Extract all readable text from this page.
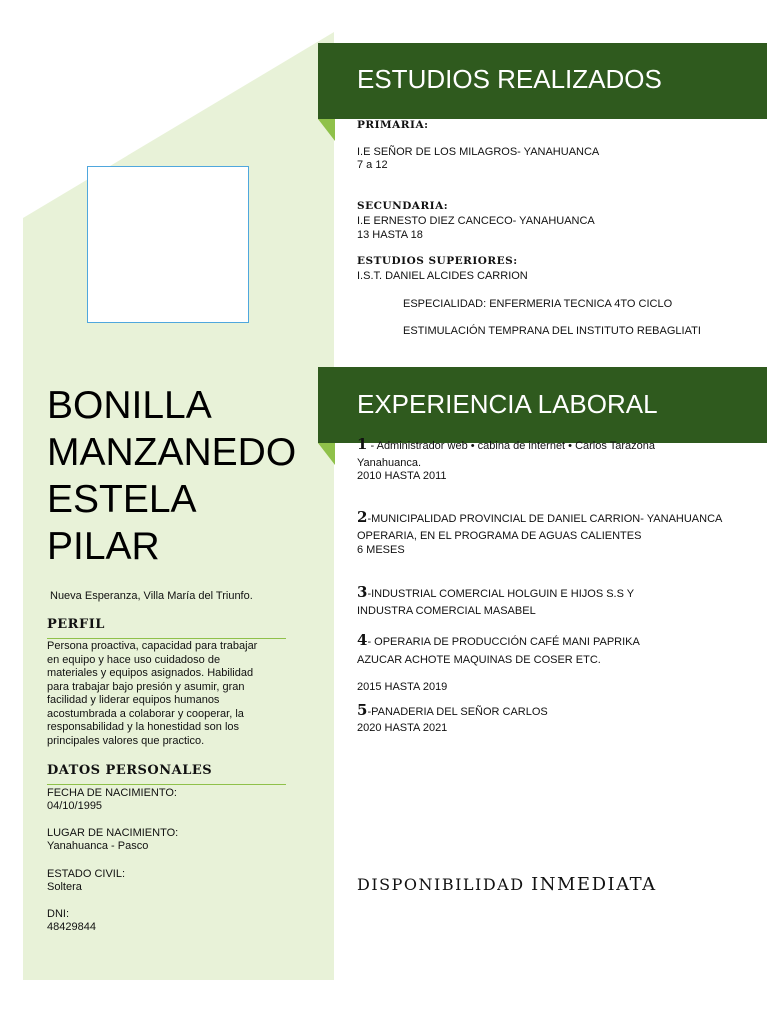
BONILLA
MANZANEDO
ESTELA
PILAR
Nueva Esperanza, Villa María del Triunfo.
PERFIL
Persona proactiva, capacidad para trabajar
en equipo y hace uso cuidadoso de
materiales y equipos asignados. Habilidad
para trabajar bajo presión y asumir, gran
facilidad y liderar equipos humanos
acostumbrada a colaborar y cooperar, la
responsabilidad y la honestidad son los
principales valores que practico.
DATOS PERSONALES
FECHA DE NACIMIENTO:
04/10/1995
LUGAR DE NACIMIENTO:
Yanahuanca - Pasco
ESTADO CIVIL:
Soltera
DNI:
48429844
ESTUDIOS REALIZADOS
PRIMARIA:
I.E SEÑOR DE LOS MILAGROS- YANAHUANCA
7 a 12
SECUNDARIA:
I.E ERNESTO DIEZ CANCECO- YANAHUANCA
13 HASTA 18
ESTUDIOS SUPERIORES:
I.S.T. DANIEL ALCIDES CARRION
ESPECIALIDAD: ENFERMERIA TECNICA 4TO CICLO
ESTIMULACIÓN TEMPRANA DEL INSTITUTO REBAGLIATI
EXPERIENCIA LABORAL
1 - Administrador web • cabina de internet • Carlos Tarazona
Yanahuanca.
2010 HASTA 2011
2-MUNICIPALIDAD PROVINCIAL DE DANIEL CARRION- YANAHUANCA
OPERARIA, EN EL PROGRAMA DE AGUAS CALIENTES
6 MESES
3-INDUSTRIAL COMERCIAL HOLGUIN E HIJOS S.S Y
INDUSTRA COMERCIAL MASABEL
4- OPERARIA DE PRODUCCIÓN CAFÉ MANI PAPRIKA
AZUCAR ACHOTE MAQUINAS DE COSER ETC.
2015 HASTA 2019
5-PANADERIA DEL SEÑOR CARLOS
2020 HASTA 2021
DISPONIBILIDAD INMEDIATA
